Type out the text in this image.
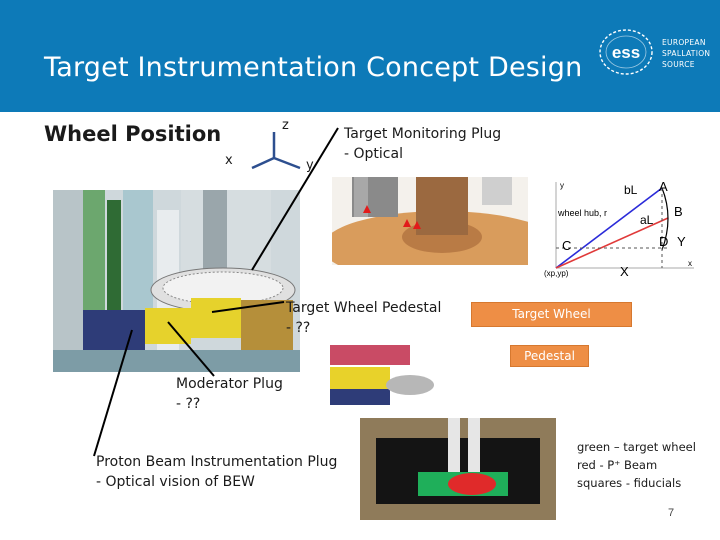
Target Instrumentation Concept Design ess
EUROPEAN
SPALLATION
SOURCE
Wheel Position	z
x	y
A
B
C	D
X
Y
bL
aL
wheel hub, r
(xp,yp)
y
x
Target Monitoring Plug
- Optical
Target Wheel Pedestal
- ??
Moderator Plug
- ??
Proton Beam Instrumentation Plug
- Optical vision of BEW
Target Wheel
Pedestal
green – target wheel
red - P⁺ Beam
squares - fiducials
7
